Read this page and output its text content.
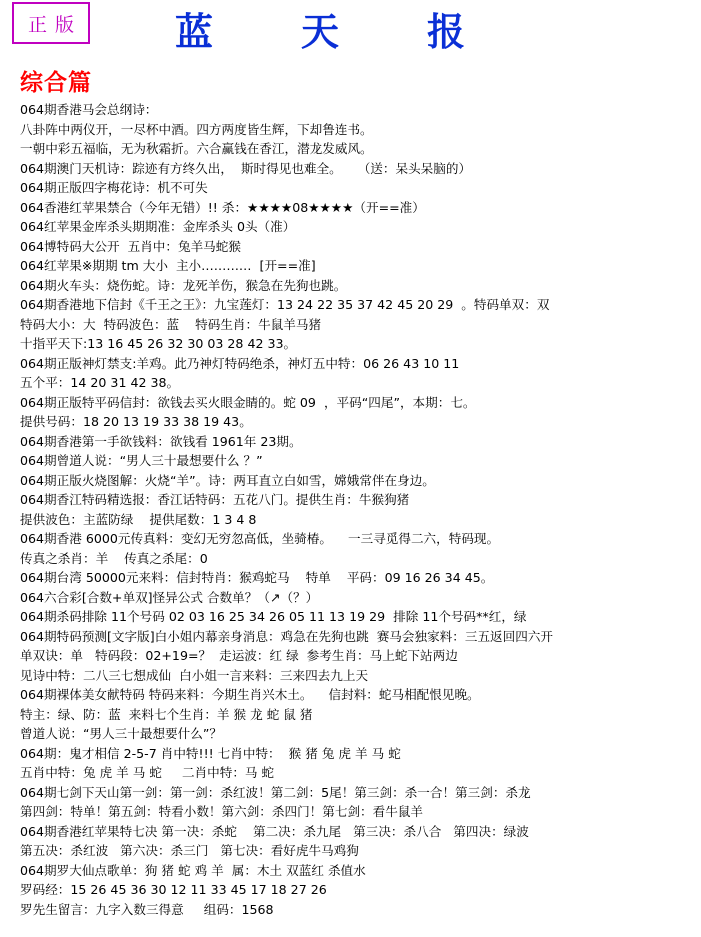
正版 蓝 天 报
综合篇
064期香港马会总纲诗：
八卦阵中两仪开，一尽杯中酒。四方两度皆生辉，下却鲁连书。
一朝中彩五福临，无为秋霜折。六合赢钱在香江，潜龙发威风。
064期澳门天机诗：踪迹有方终久出，  斯时得见也难全。    （送：呆头呆脑的）
064期正版四字梅花诗：机不可失
064香港红苹果禁合（今年无错）!! 杀：★★★★08★★★★（开==准）
064红苹果金库杀头期期准：金库杀头 0头（准）
064博特码大公开  五肖中：兔羊马蛇猴
064红苹果※期期 tm 大小  主小…………  [开==准]
064期火车头：烧伤蛇。诗：龙死羊伤，猴急在先狗也跳。
064期香港地下信封《千王之王》：九宝莲灯：13 24 22 35 37 42 45 20 29  。特码单双：双
特码大小：大  特码波色：蓝    特码生肖：牛鼠羊马猪
十指平天下:13 16 45 26 32 30 03 28 42 33。
064期正版神灯禁支:羊鸡。此乃神灯特码绝杀，神灯五中特：06 26 43 10 11
五个平：14 20 31 42 38。
064期正版特平码信封：欲钱去买火眼金睛的。蛇 09  ，平码“四尾”，本期：七。
提供号码：18 20 13 19 33 38 19 43。
064期香港第一手欲钱料：欲钱看 1961年 23期。
064期曾道人说：“男人三十最想要什么 ？”
064期正版火烧图解：火烧“羊”。诗：两耳直立白如雪，嫦娥常伴在身边。
064期香江特码精选报：香江话特码：五花八门。提供生肖：牛猴狗猪
提供波色：主蓝防绿    提供尾数：1 3 4 8
064期香港 6000元传真料：变幻无穷忽高低，坐骑椿。    一三寻觅得二六，特码现。
传真之杀肖：羊    传真之杀尾：0
064期台湾 50000元来料：信封特肖：猴鸡蛇马    特单    平码：09 16 26 34 45。
064六合彩[合数+单双]怪异公式 合数单？（↗（？）
064期杀码排除 11个号码 02 03 16 25 34 26 05 11 13 19 29  排除 11个号码**红，绿
064期特码预测[文字版]白小姐内幕亲身消息：鸡急在先狗也跳  赛马会独家料：三五返回四六开
单双诀：单   特码段：02+19=？  走运波：红 绿  参考生肖：马上蛇下站两边
见诗中特：二八三七想成仙  白小姐一言来料：三来四去九上天
064期裸体美女献特码 特码来料：今期生肖兴木土。    信封料：蛇马相配恨见晚。
特主：绿、防：蓝  来料七个生肖：羊 猴 龙 蛇 鼠 猪
曾道人说：“男人三十最想要什么”？
064期：鬼才相信 2-5-7 肖中特!!! 七肖中特：  猴 猪 兔 虎 羊 马 蛇
五肖中特：兔 虎 羊 马 蛇     二肖中特：马 蛇
064期七剑下天山第一剑：第一剑：杀红波！第二剑：5尾！第三剑：杀一合！第三剑：杀龙
第四剑：特单！第五剑：特看小数！第六剑：杀四门！第七剑：看牛鼠羊
064期香港红苹果特七决 第一决：杀蛇    第二决：杀九尾   第三决：杀八合   第四决：绿波
第五决：杀红波   第六决：杀三门   第七决：看好虎牛马鸡狗
064期罗大仙点歌单：狗 猪 蛇 鸡 羊  属：木土 双蓝红 杀值水
罗码经：15 26 45 36 30 12 11 33 45 17 18 27 26
罗先生留言：九字入数三得意     组码：1568
